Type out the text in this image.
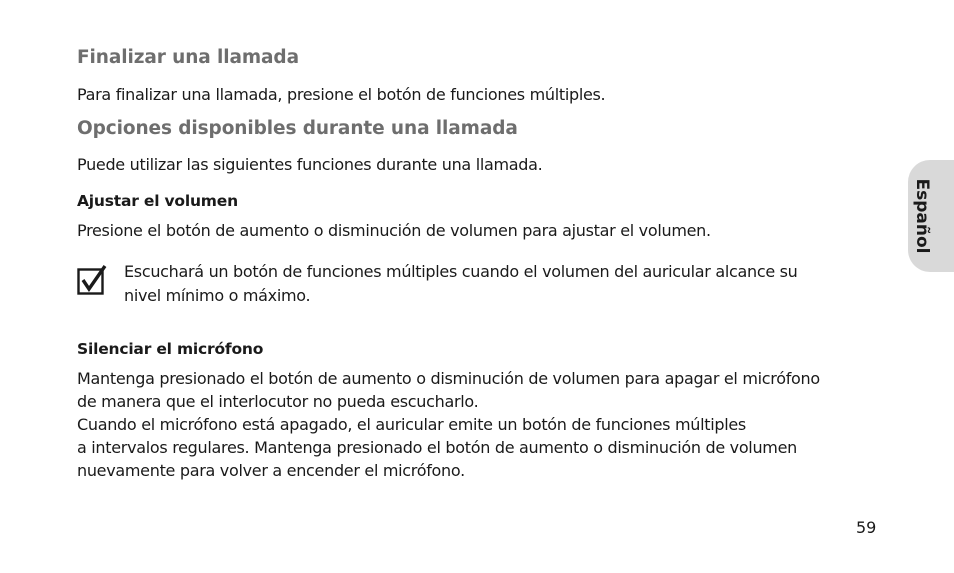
Finalizar una llamada
Para finalizar una llamada, presione el botón de funciones múltiples.
Opciones disponibles durante una llamada
Puede utilizar las siguientes funciones durante una llamada.
Ajustar el volumen
Presione el botón de aumento o disminución de volumen para ajustar el volumen.
Escuchará un botón de funciones múltiples cuando el volumen del auricular alcance su
nivel mínimo o máximo.
Silenciar el micrófono
Mantenga presionado el botón de aumento o disminución de volumen para apagar el micrófono
de manera que el interlocutor no pueda escucharlo.
Cuando el micrófono está apagado, el auricular emite un botón de funciones múltiples
a intervalos regulares. Mantenga presionado el botón de aumento o disminución de volumen
nuevamente para volver a encender el micrófono.
Español
59
